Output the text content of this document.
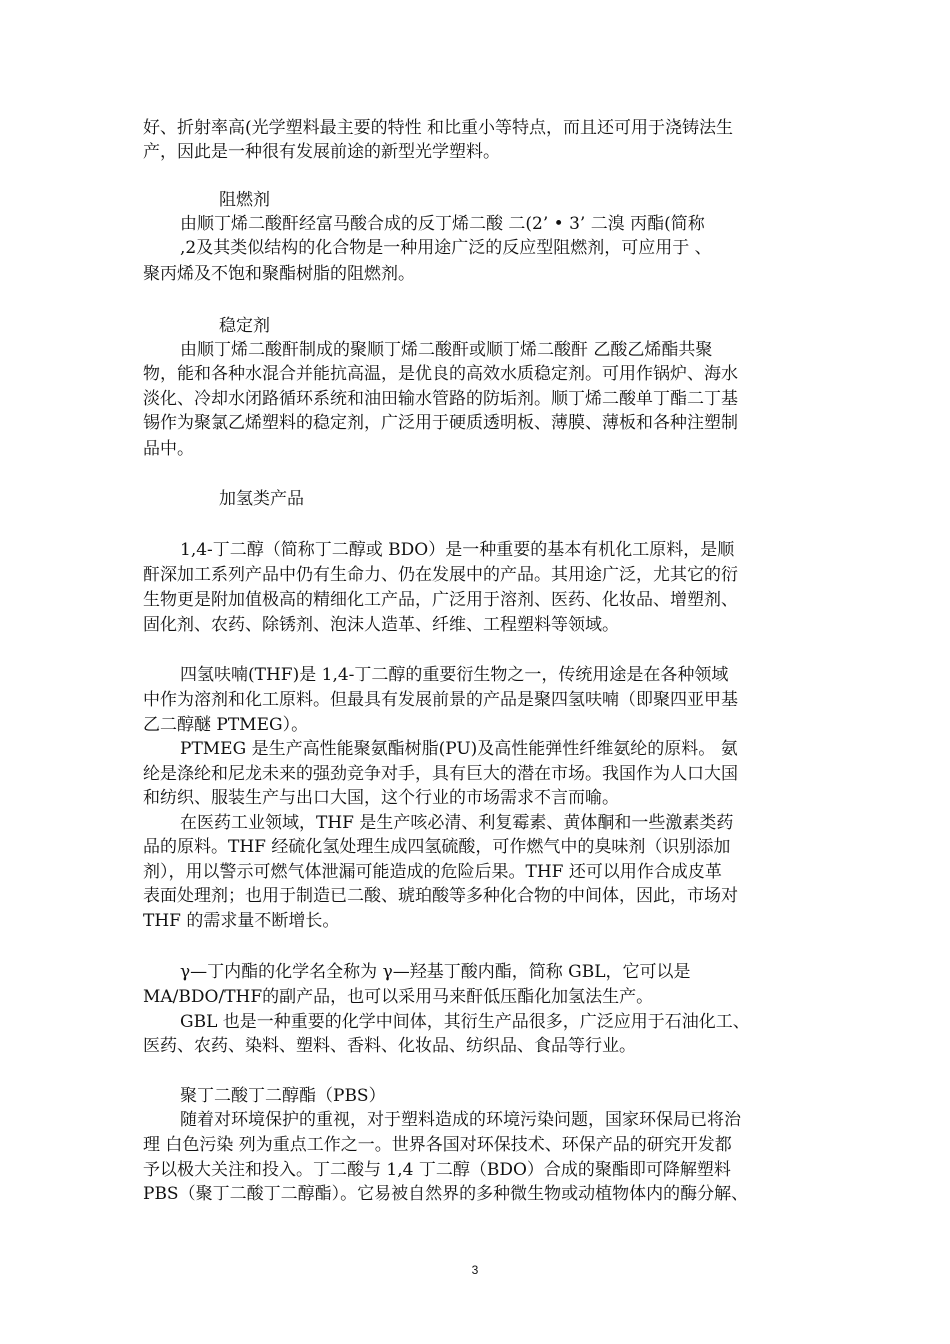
好、折射率高(光学塑料最主要的特性 和比重小等特点，而且还可用于浇铸法生
产，因此是一种很有发展前途的新型光学塑料。
阻燃剂
由顺丁烯二酸酐经富马酸合成的反丁烯二酸 二(2’ • 3’ 二溴 丙酯(简称
,2及其类似结构的化合物是一种用途广泛的反应型阻燃剂，可应用于 、
聚丙烯及不饱和聚酯树脂的阻燃剂。
稳定剂
由顺丁烯二酸酐制成的聚顺丁烯二酸酐或顺丁烯二酸酐 乙酸乙烯酯共聚
物，能和各种水混合并能抗高温，是优良的高效水质稳定剂。可用作锅炉、海水
淡化、冷却水闭路循环系统和油田输水管路的防垢剂。顺丁烯二酸单丁酯二丁基
锡作为聚氯乙烯塑料的稳定剂，广泛用于硬质透明板、薄膜、薄板和各种注塑制
品中。
加氢类产品
1,4-丁二醇（简称丁二醇或 BDO）是一种重要的基本有机化工原料，是顺
酐深加工系列产品中仍有生命力、仍在发展中的产品。其用途广泛，尤其它的衍
生物更是附加值极高的精细化工产品，广泛用于溶剂、医药、化妆品、增塑剂、
固化剂、农药、除锈剂、泡沫人造革、纤维、工程塑料等领域。
四氢呋喃(THF)是 1,4-丁二醇的重要衍生物之一，传统用途是在各种领域
中作为溶剂和化工原料。但最具有发展前景的产品是聚四氢呋喃（即聚四亚甲基
乙二醇醚 PTMEG）。
PTMEG 是生产高性能聚氨酯树脂(PU)及高性能弹性纤维氨纶的原料。 氨
纶是涤纶和尼龙未来的强劲竞争对手，具有巨大的潜在市场。我国作为人口大国
和纺织、服装生产与出口大国，这个行业的市场需求不言而喻。
在医药工业领域，THF 是生产咳必清、利复霉素、黄体酮和一些激素类药
品的原料。THF 经硫化氢处理生成四氢硫酸，可作燃气中的臭味剂（识别添加
剂），用以警示可燃气体泄漏可能造成的危险后果。THF 还可以用作合成皮革
表面处理剂；也用于制造已二酸、琥珀酸等多种化合物的中间体，因此，市场对
THF 的需求量不断增长。
γ—丁内酯的化学名全称为 γ—羟基丁酸内酯，简称 GBL，它可以是
MA/BDO/THF的副产品，也可以采用马来酐低压酯化加氢法生产。
GBL 也是一种重要的化学中间体，其衍生产品很多，广泛应用于石油化工、
医药、农药、染料、塑料、香料、化妆品、纺织品、食品等行业。
聚丁二酸丁二醇酯（PBS）
随着对环境保护的重视，对于塑料造成的环境污染问题，国家环保局已将治
理 白色污染 列为重点工作之一。世界各国对环保技术、环保产品的研究开发都
予以极大关注和投入。丁二酸与 1,4 丁二醇（BDO）合成的聚酯即可降解塑料
PBS（聚丁二酸丁二醇酯）。它易被自然界的多种微生物或动植物体内的酶分解、
3
